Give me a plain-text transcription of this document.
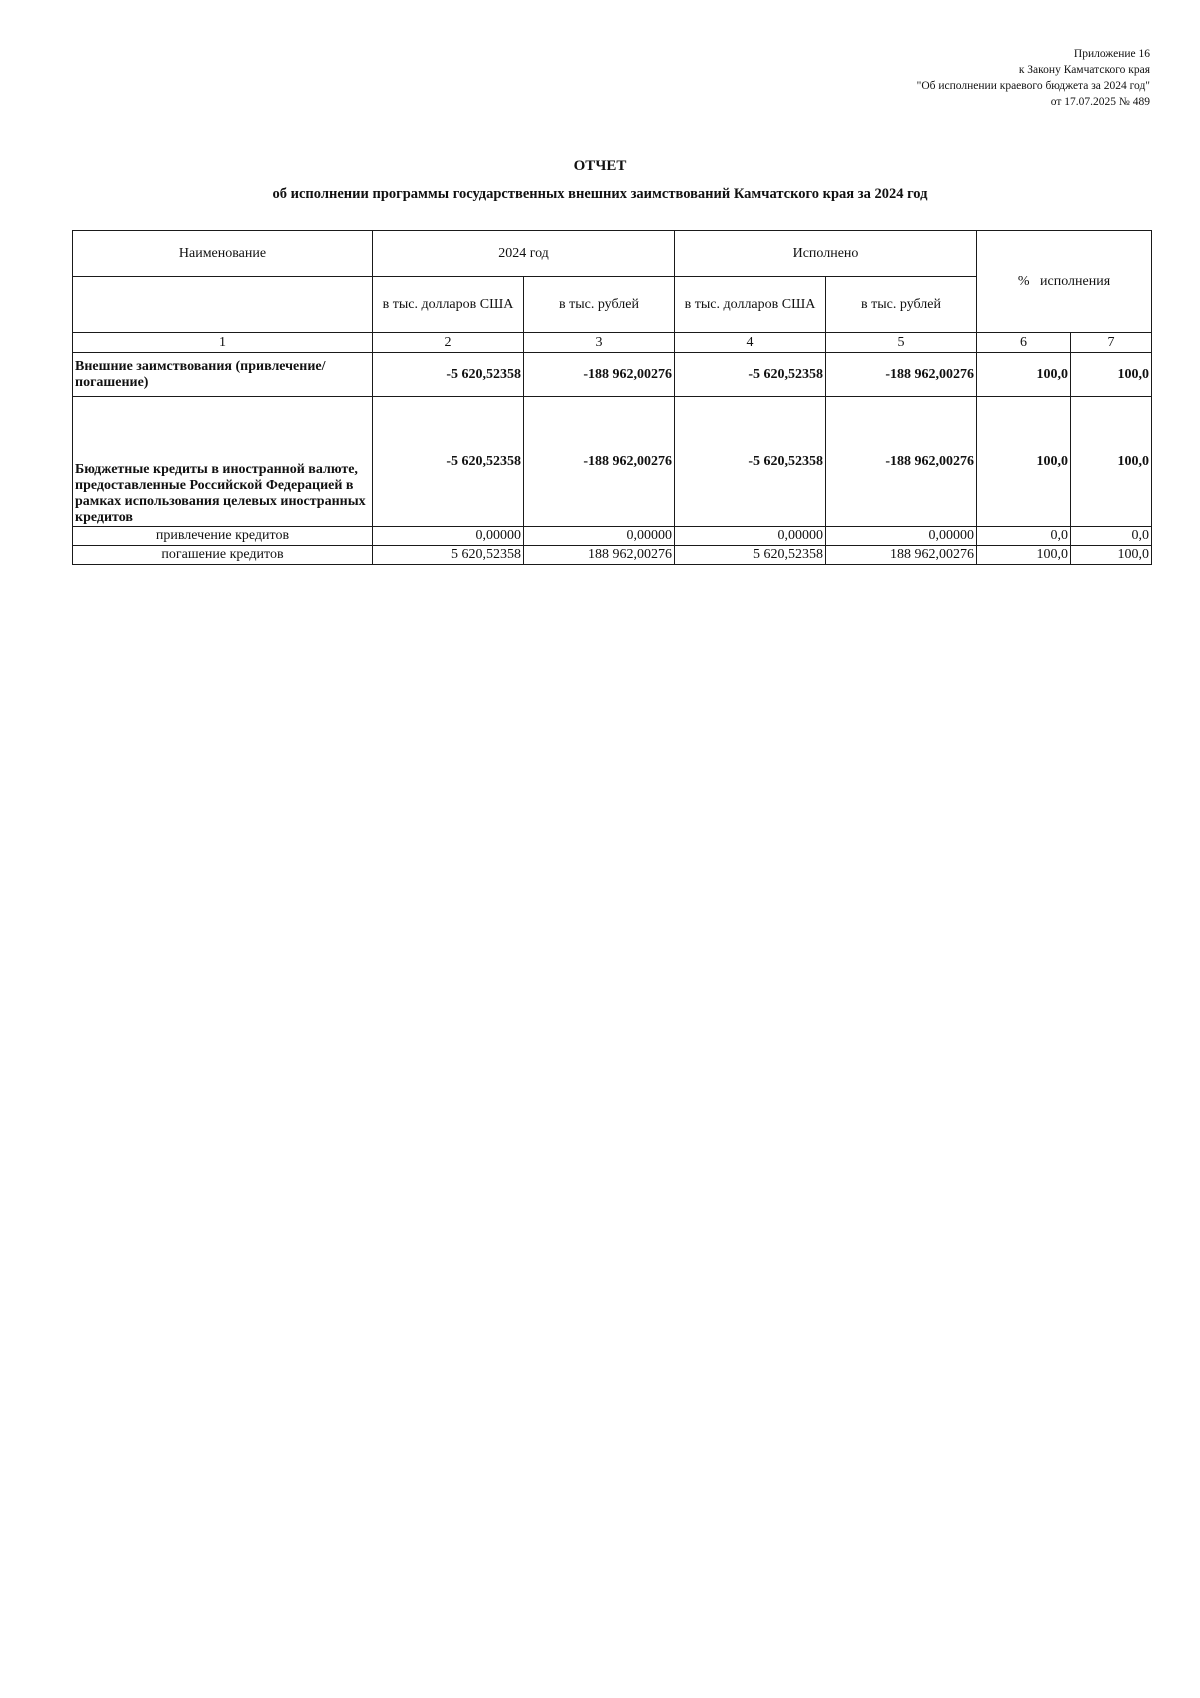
Приложение 16
к Закону Камчатского края
"Об исполнении краевого бюджета за 2024 год"
от 17.07.2025 № 489
ОТЧЕТ
об исполнении программы государственных внешних заимствований Камчатского края за 2024 год
Наименование	2024 год		Исполнено		%   исполнения	
	в тыс. долларов США	в тыс. рублей	в тыс. долларов США	в тыс. рублей		
1	2	3	4	5	6	7
Внешние заимствования (привлечение/погашение)	-5 620,52358	-188 962,00276	-5 620,52358	-188 962,00276	100,0	100,0
Бюджетные кредиты в иностранной валюте, предоставленные Российской Федерацией в рамках использования целевых иностранных кредитов	-5 620,52358	-188 962,00276	-5 620,52358	-188 962,00276	100,0	100,0
привлечение кредитов	0,00000	0,00000	0,00000	0,00000	0,0	0,0
погашение кредитов	5 620,52358	188 962,00276	5 620,52358	188 962,00276	100,0	100,0
